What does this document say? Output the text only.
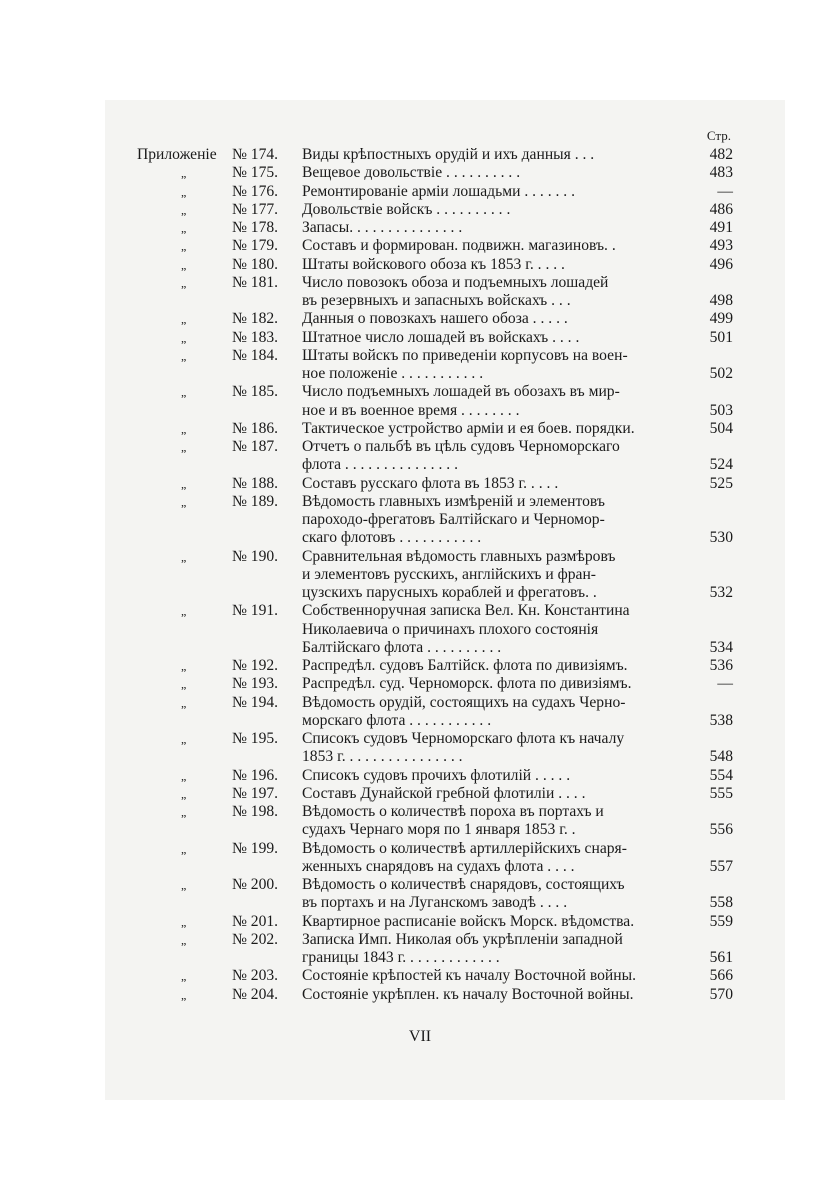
Стр.
Приложеніе № 174.	Виды крѣпостныхъ орудій и ихъ данныя . . .	482
„	№ 175.	Вещевое довольствіе . . . . . . . . . .	483
„	№ 176.	Ремонтированіе арміи лошадьми . . . . . . .	—
„	№ 177.	Довольствіе войскъ . . . . . . . . . .	486
„	№ 178.	Запасы. . . . . . . . . . . . . . .	491
„	№ 179.	Составъ и формирован. подвижн. магазиновъ. .	493
„	№ 180.	Штаты войскового обоза къ 1853 г. . . . .	496
„	№ 181.	Число повозокъ обоза и подъемныхъ лошадей
въ резервныхъ и запасныхъ войскахъ . . .	498
„	№ 182.	Данныя о повозкахъ нашего обоза . . . . .	499
„	№ 183.	Штатное число лошадей въ войскахъ . . . .	501
„	№ 184.	Штаты войскъ по приведеніи корпусовъ на воен-
ное положеніе . . . . . . . . . . .	502
„	№ 185.	Число подъемныхъ лошадей въ обозахъ въ мир-
ное и въ военное время . . . . . . . .	503
„	№ 186.	Тактическое устройство арміи и ея боев. порядки.	504
„	№ 187.	Отчетъ о пальбѣ въ цѣль судовъ Черноморскаго
флота . . . . . . . . . . . . . . .	524
„	№ 188.	Составъ русскаго флота въ 1853 г. . . . .	525
„	№ 189.	Вѣдомость главныхъ измѣреній и элементовъ
пароходо-фрегатовъ Балтійскаго и Черномор-
скаго флотовъ . . . . . . . . . . .	530
„	№ 190.	Сравнительная вѣдомость главныхъ размѣровъ
и элементовъ русскихъ, англійскихъ и фран-
цузскихъ парусныхъ кораблей и фрегатовъ. .	532
„	№ 191.	Собственноручная записка Вел. Кн. Константина
Николаевича о причинахъ плохого состоянія
Балтійскаго флота . . . . . . . . . .	534
„	№ 192.	Распредѣл. судовъ Балтійск. флота по дивизіямъ.	536
„	№ 193.	Распредѣл. суд. Черноморск. флота по дивизіямъ.	—
„	№ 194.	Вѣдомость орудій, состоящихъ на судахъ Черно-
морскаго флота . . . . . . . . . . .	538
„	№ 195.	Списокъ судовъ Черноморскаго флота къ началу
1853 г. . . . . . . . . . . . . . . .	548
„	№ 196.	Списокъ судовъ прочихъ флотилій . . . . .	554
„	№ 197.	Составъ Дунайской гребной флотиліи . . . .	555
„	№ 198.	Вѣдомость о количествѣ пороха въ портахъ и
судахъ Чернаго моря по 1 января 1853 г. .	556
„	№ 199.	Вѣдомость о количествѣ артиллерійскихъ снаря-
женныхъ снарядовъ на судахъ флота . . . .	557
„	№ 200.	Вѣдомость о количествѣ снарядовъ, состоящихъ
въ портахъ и на Луганскомъ заводѣ . . . .	558
„	№ 201.	Квартирное расписаніе войскъ Морск. вѣдомства.	559
„	№ 202.	Записка Имп. Николая объ укрѣпленіи западной
границы 1843 г. . . . . . . . . . . . .	561
„	№ 203.	Состояніе крѣпостей къ началу Восточной войны.	566
„	№ 204.	Состояніе укрѣплен. къ началу Восточной войны.	570
VII
